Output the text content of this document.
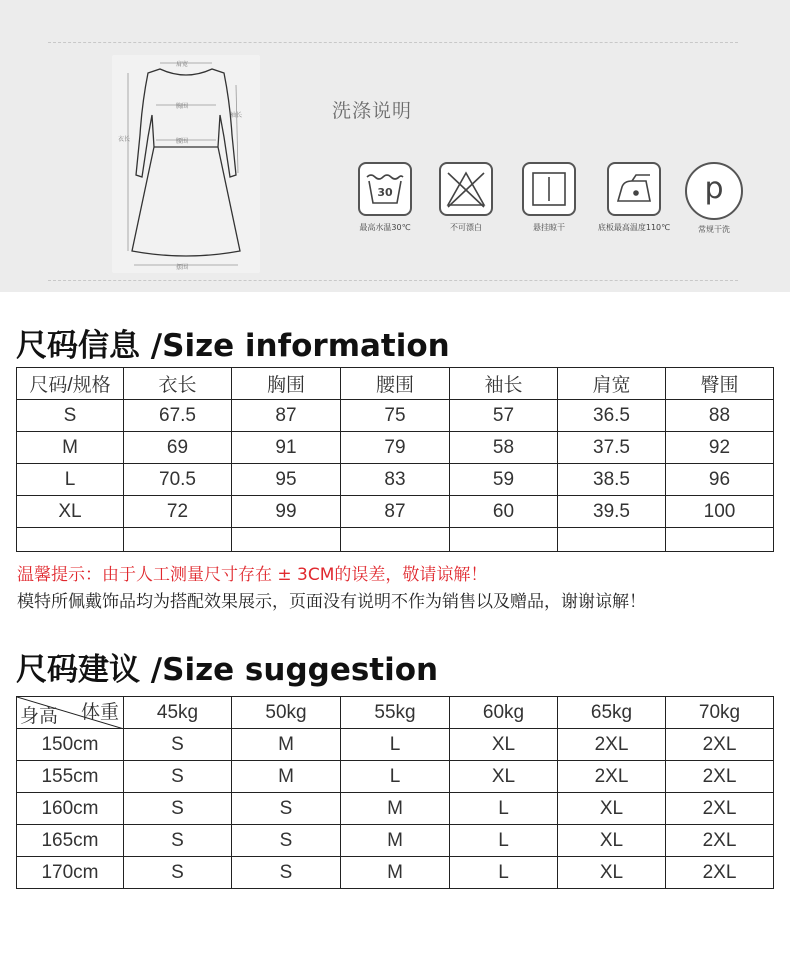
肩宽
胸围
腰围
袖长
衣长
摆围
洗涤说明
30
最高水温30℃	不可漂白	悬挂晾干	底板最高温度110℃
p
常规干洗
尺码信息 /Size information
尺码/规格	衣长	胸围	腰围	袖长	肩宽	臀围
S	67.5	87	75	57	36.5	88
M	69	91	79	58	37.5	92
L	70.5	95	83	59	38.5	96
XL	72	99	87	60	39.5	100

温馨提示：由于人工测量尺寸存在 ± 3CM的误差，敬请谅解！
模特所佩戴饰品均为搭配效果展示，页面没有说明不作为销售以及赠品，谢谢谅解！
尺码建议 /Size suggestion
体重
身高	45kg	50kg	55kg	60kg	65kg	70kg
150cm	S	M	L	XL	2XL	2XL
155cm	S	M	L	XL	2XL	2XL
160cm	S	S	M	L	XL	2XL
165cm	S	S	M	L	XL	2XL
170cm	S	S	M	L	XL	2XL
